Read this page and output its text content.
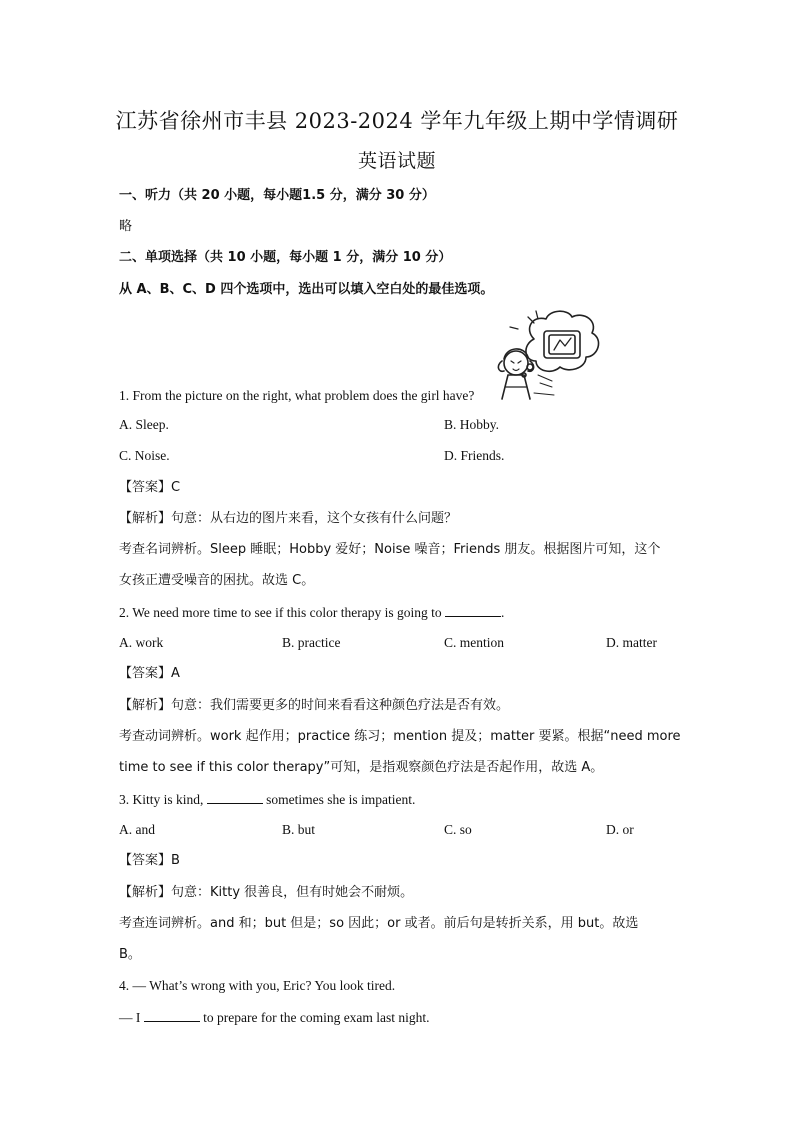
江苏省徐州市丰县 2023-2024 学年九年级上期中学情调研
英语试题
一、听力（共 20 小题，每小题1.5 分，满分 30 分）
略
二、单项选择（共 10 小题，每小题 1 分，满分 10 分）
从 A、B、C、D 四个选项中，选出可以填入空白处的最佳选项。
1. From the picture on the right, what problem does the girl have?
A. Sleep.	B. Hobby.
C. Noise.	D. Friends.
【答案】C
【解析】句意：从右边的图片来看，这个女孩有什么问题？
考查名词辨析。Sleep 睡眠；Hobby 爱好；Noise 噪音；Friends 朋友。根据图片可知，这个
女孩正遭受噪音的困扰。故选 C。
2. We need more time to see if this color therapy is going to	.
A. work	B. practice	C. mention	D. matter
【答案】A
【解析】句意：我们需要更多的时间来看看这种颜色疗法是否有效。
考查动词辨析。work 起作用；practice 练习；mention 提及；matter 要紧。根据“need more
time to see if this color therapy”可知，是指观察颜色疗法是否起作用，故选 A。
3. Kitty is kind,	sometimes she is impatient.
A. and	B. but	C. so	D. or
【答案】B
【解析】句意：Kitty 很善良，但有时她会不耐烦。
考查连词辨析。and 和；but 但是；so 因此；or 或者。前后句是转折关系，用 but。故选
B。
4. — What’s wrong with you, Eric? You look tired.
— I	to prepare for the coming exam last night.
